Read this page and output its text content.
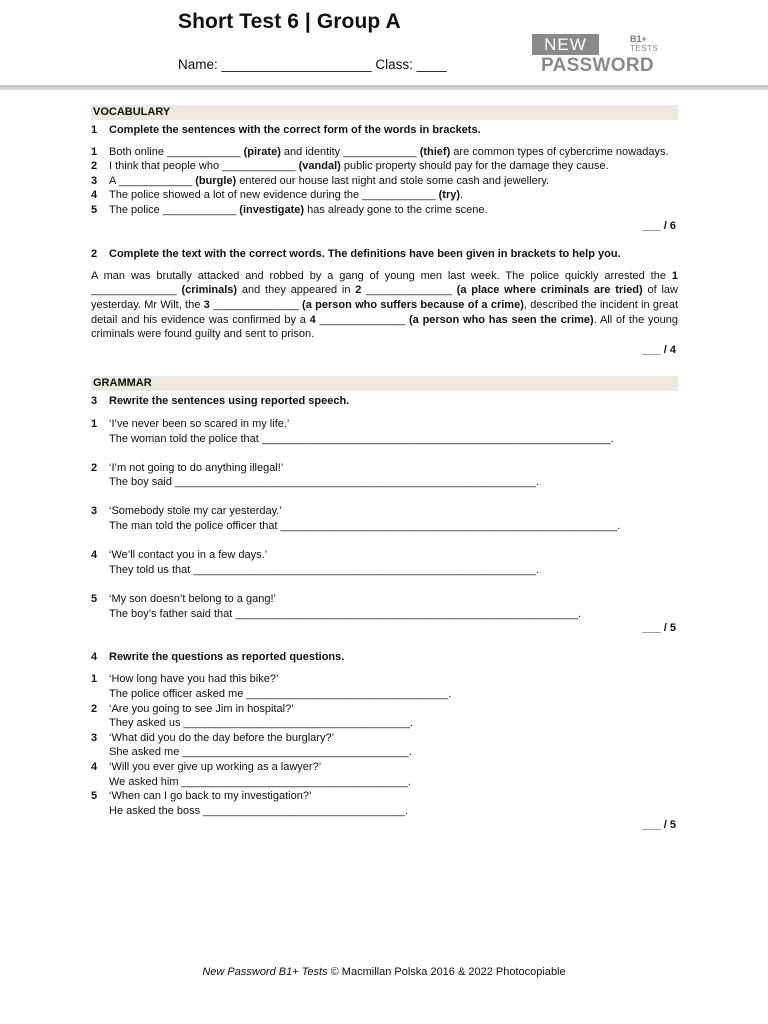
Short Test 6 | Group A
Name: ____________________ Class: ____
NEW	B1+
TESTS
PASSWORD
VOCABULARY
1	Complete the sentences with the correct form of the words in brackets.
1	Both online ____________ (pirate) and identity ____________ (thief) are common types of cybercrime nowadays.
2	I think that people who ____________ (vandal) public property should pay for the damage they cause.
3	A ____________ (burgle) entered our house last night and stole some cash and jewellery.
4	The police showed a lot of new evidence during the ____________ (try).
5	The police ____________ (investigate) has already gone to the crime scene.
___ / 6
2	Complete the text with the correct words. The definitions have been given in brackets to help you.
A man was brutally attacked and robbed by a gang of young men last week. The police quickly arrested the 1 ______________ (criminals) and they appeared in 2 ______________ (a place where criminals are tried) of law yesterday. Mr Wilt, the 3 ______________ (a person who suffers because of a crime), described the incident in great detail and his evidence was confirmed by a 4 ______________ (a person who has seen the crime). All of the young criminals were found guilty and sent to prison.
___ / 4
GRAMMAR
3	Rewrite the sentences using reported speech.
1	‘I’ve never been so scared in my life.’
The woman told the police that _________________________________________________________.
2	‘I’m not going to do anything illegal!’
The boy said ___________________________________________________________.
3	‘Somebody stole my car yesterday.’
The man told the police officer that _______________________________________________________.
4	‘We’ll contact you in a few days.’
They told us that ________________________________________________________.
5	‘My son doesn’t belong to a gang!’
The boy’s father said that ________________________________________________________.
___ / 5
4	Rewrite the questions as reported questions.
1	‘How long have you had this bike?’
The police officer asked me _________________________________.
2	‘Are you going to see Jim in hospital?’
They asked us _____________________________________.
3	‘What did you do the day before the burglary?’
She asked me _____________________________________.
4	‘Will you ever give up working as a lawyer?’
We asked him _____________________________________.
5	‘When can I go back to my investigation?’
He asked the boss _________________________________.
___ / 5
New Password B1+ Tests © Macmillan Polska 2016 & 2022 Photocopiable
